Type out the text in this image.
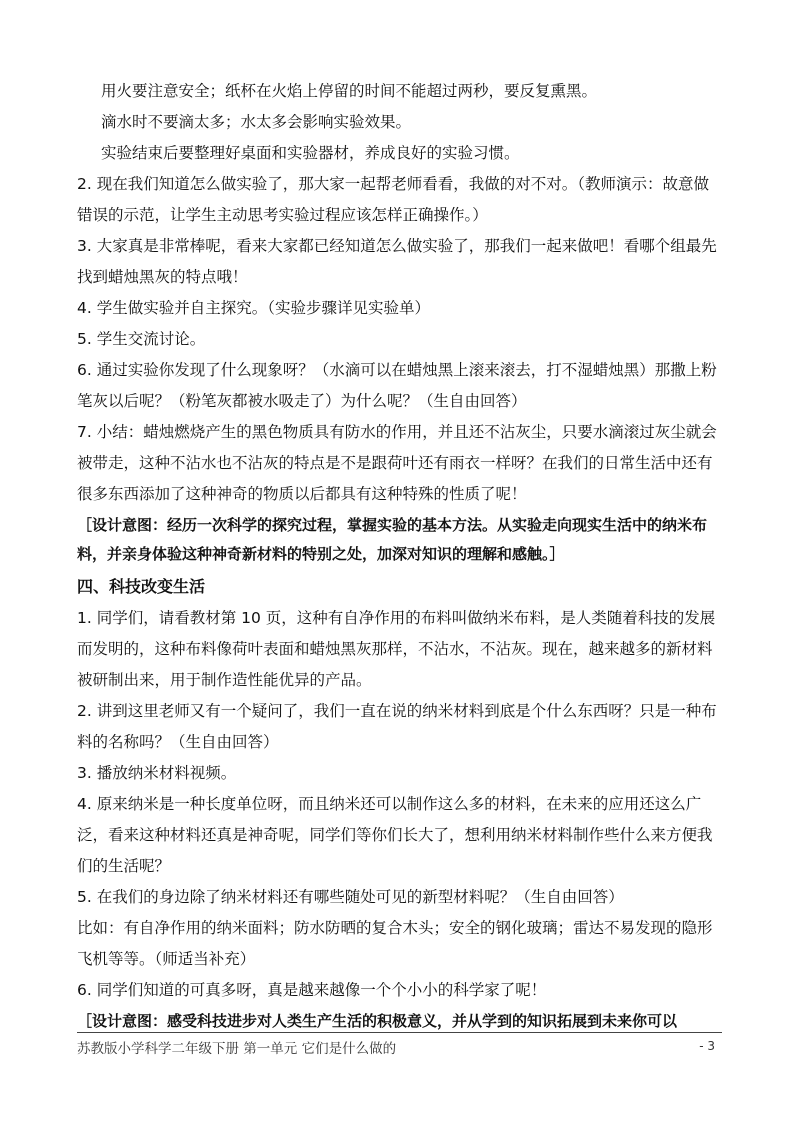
用火要注意安全；纸杯在火焰上停留的时间不能超过两秒，要反复熏黑。

滴水时不要滴太多；水太多会影响实验效果。

实验结束后要整理好桌面和实验器材，养成良好的实验习惯。

2. 现在我们知道怎么做实验了，那大家一起帮老师看看，我做的对不对。（教师演示：故意做错误的示范，让学生主动思考实验过程应该怎样正确操作。）

3. 大家真是非常棒呢，看来大家都已经知道怎么做实验了，那我们一起来做吧！看哪个组最先找到蜡烛黑灰的特点哦！

4. 学生做实验并自主探究。（实验步骤详见实验单）

5. 学生交流讨论。

6. 通过实验你发现了什么现象呀？（水滴可以在蜡烛黑上滚来滚去，打不湿蜡烛黑）那撒上粉笔灰以后呢？（粉笔灰都被水吸走了）为什么呢？（生自由回答）

7. 小结：蜡烛燃烧产生的黑色物质具有防水的作用，并且还不沾灰尘，只要水滴滚过灰尘就会被带走，这种不沾水也不沾灰的特点是不是跟荷叶还有雨衣一样呀？在我们的日常生活中还有很多东西添加了这种神奇的物质以后都具有这种特殊的性质了呢！

［设计意图：经历一次科学的探究过程，掌握实验的基本方法。从实验走向现实生活中的纳米布料，并亲身体验这种神奇新材料的特别之处，加深对知识的理解和感触。］

四、科技改变生活

1. 同学们，请看教材第 10 页，这种有自净作用的布料叫做纳米布料，是人类随着科技的发展而发明的，这种布料像荷叶表面和蜡烛黑灰那样，不沾水，不沾灰。现在，越来越多的新材料被研制出来，用于制作造性能优异的产品。

2. 讲到这里老师又有一个疑问了，我们一直在说的纳米材料到底是个什么东西呀？只是一种布料的名称吗？（生自由回答）

3. 播放纳米材料视频。

4. 原来纳米是一种长度单位呀，而且纳米还可以制作这么多的材料，在未来的应用还这么广泛，看来这种材料还真是神奇呢，同学们等你们长大了，想利用纳米材料制作些什么来方便我们的生活呢？

5. 在我们的身边除了纳米材料还有哪些随处可见的新型材料呢？（生自由回答）

比如：有自净作用的纳米面料；防水防晒的复合木头；安全的钢化玻璃；雷达不易发现的隐形飞机等等。（师适当补充）

6. 同学们知道的可真多呀，真是越来越像一个个小小的科学家了呢！

［设计意图：感受科技进步对人类生产生活的积极意义，并从学到的知识拓展到未来你可以

苏教版小学科学二年级下册 第一单元 它们是什么做的	- 3
